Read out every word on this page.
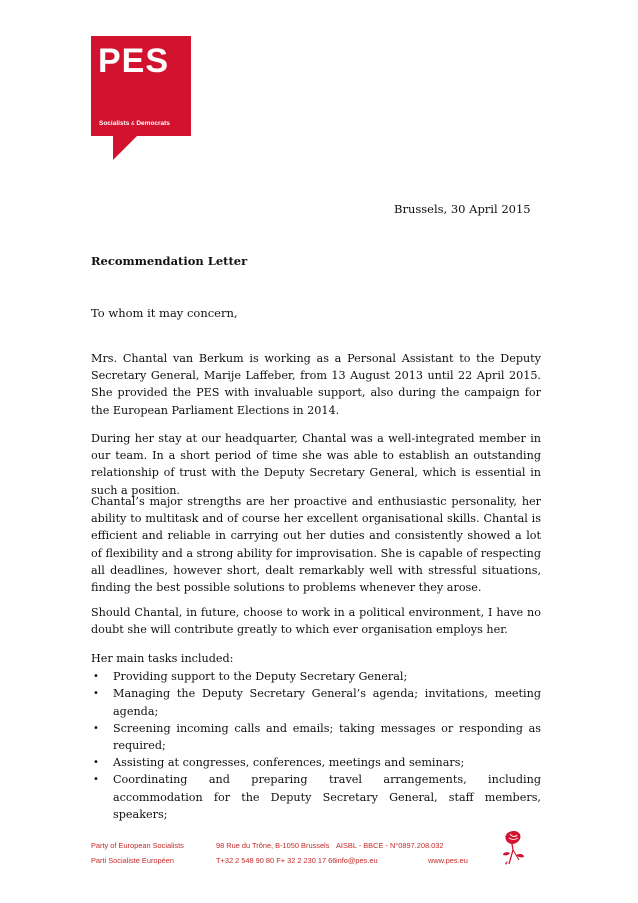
PES
Socialists & Democrats
Brussels, 30 April 2015
Recommendation Letter
To whom it may concern,
Mrs. Chantal van Berkum is working as a Personal Assistant to the Deputy Secretary General, Marije Laffeber, from 13 August 2013 until 22 April 2015. She provided the PES with invaluable support, also during the campaign for the European Parliament Elections in 2014.
During her stay at our headquarter, Chantal was a well-integrated member in our team. In a short period of time she was able to establish an outstanding relationship of trust with the Deputy Secretary General, which is essential in such a position.
Chantal’s major strengths are her proactive and enthusiastic personality, her ability to multitask and of course her excellent organisational skills. Chantal is efficient and reliable in carrying out her duties and consistently showed a lot of flexibility and a strong ability for improvisation. She is capable of respecting all deadlines, however short, dealt remarkably well with stressful situations, finding the best possible solutions to problems whenever they arose.
Should Chantal, in future, choose to work in a political environment, I have no doubt she will contribute greatly to which ever organisation employs her.
Her main tasks included:
• Providing support to the Deputy Secretary General;
• Managing the Deputy Secretary General’s agenda; invitations, meeting agenda;
• Screening incoming calls and emails; taking messages or responding as required;
• Assisting at congresses, conferences, meetings and seminars;
• Coordinating and preparing travel arrangements, including accommodation for the Deputy Secretary General, staff members, speakers;
Party of European Socialists
Parti Socialiste Européen
98 Rue du Trône, B-1050 Brussels
T+32 2 548 90 80 F+ 32 2 230 17 66
AISBL - BBCE - N°0897.208.032
info@pes.eu	www.pes.eu
